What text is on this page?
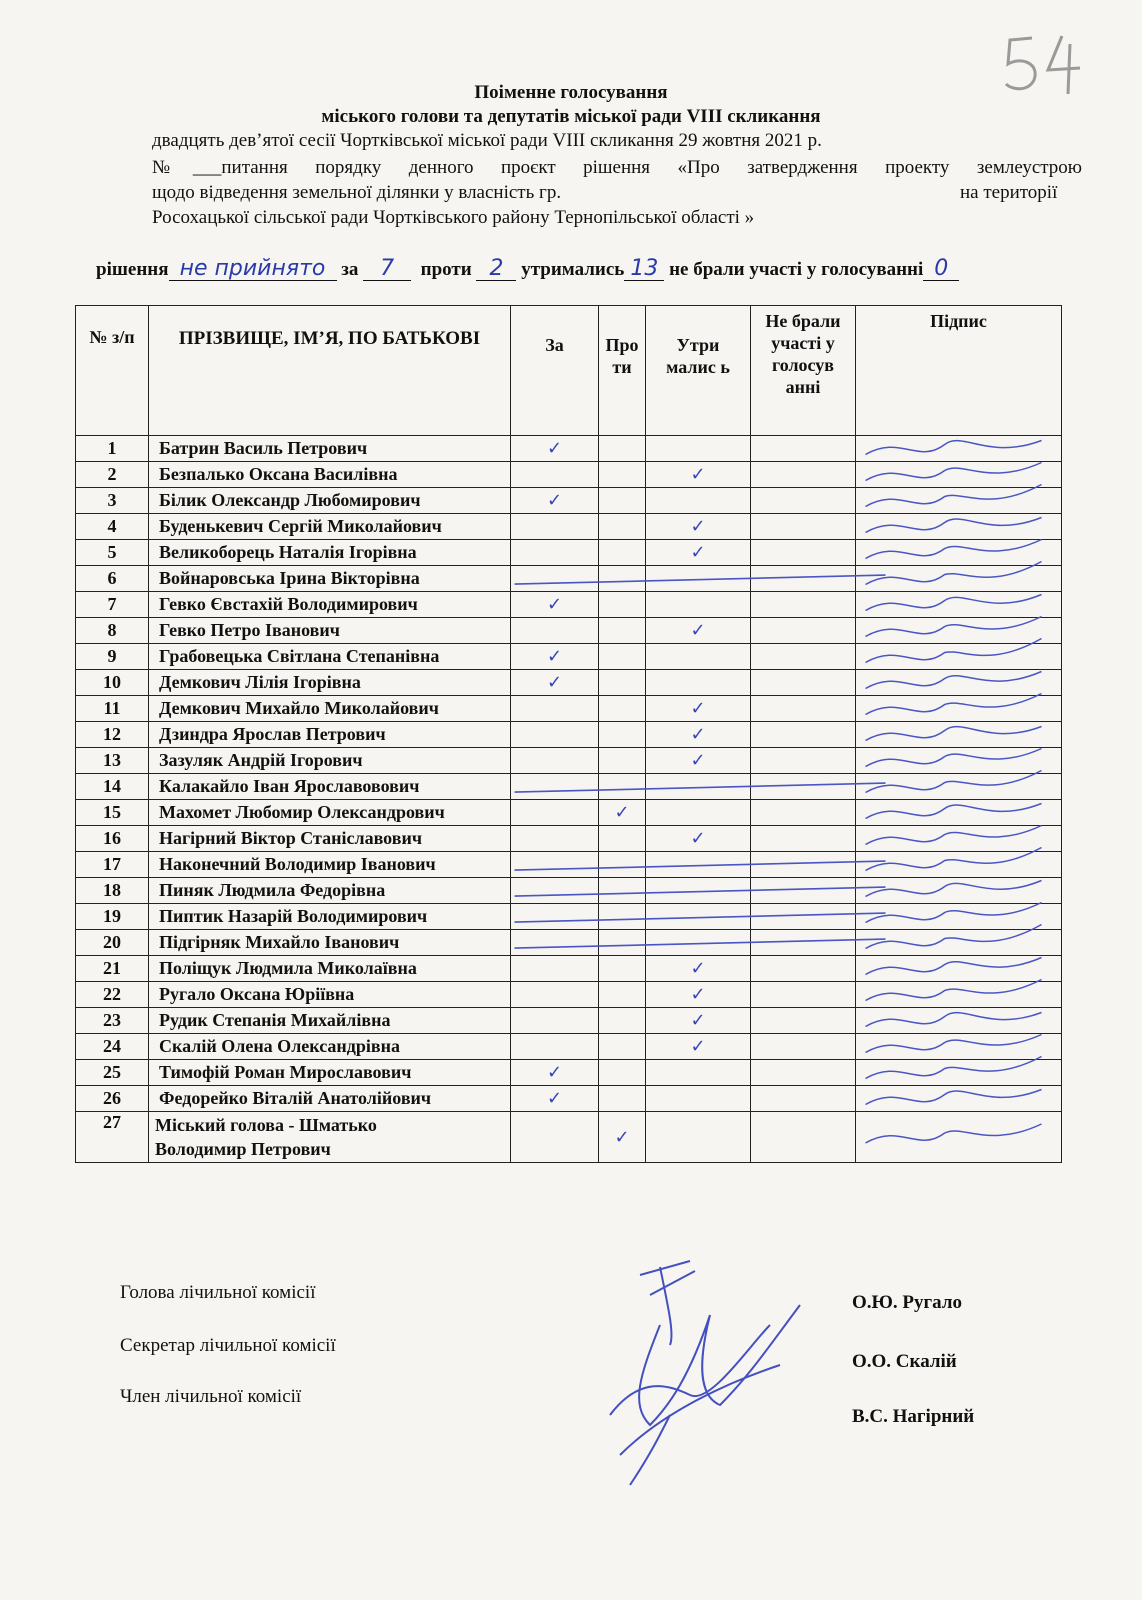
Поіменне голосування
міського голови та депутатів міської ради VIII скликання
двадцять дев’ятої сесії Чортківської міської ради VIII скликання 29 жовтня 2021 р.
№___питання порядку денного проєкт рішення «Про затвердження проекту землеустрою
щодо відведення земельної ділянки у власність гр.	на території
Росохацької сільської ради Чортківського району Тернопільської області »
рішення не прийнято за 7 проти 2 утримались 13 не брали участі у голосуванні 0
№ з/п	ПРІЗВИЩЕ, ІМ’Я, ПО БАТЬКОВІ	За	Про ти	Утри малис ь	Не брали участі у голосув анні	Підпис
1	Батрин Василь Петрович	✓				
2	Безпалько Оксана Василівна			✓		
3	Білик Олександр Любомирович	✓				
4	Буденькевич Сергій Миколайович			✓		
5	Великоборець Наталія Ігорівна			✓		
6	Войнаровська Ірина Вікторівна					
7	Гевко Євстахій Володимирович	✓				
8	Гевко Петро Іванович			✓		
9	Грабовецька Світлана Степанівна	✓				
10	Демкович Лілія Ігорівна	✓				
11	Демкович Михайло Миколайович			✓		
12	Дзиндра Ярослав Петрович			✓		
13	Зазуляк Андрій Ігорович			✓		
14	Калакайло Іван Ярославовович					
15	Махомет Любомир Олександрович		✓			
16	Нагірний Віктор Станіславович			✓		
17	Наконечний Володимир Іванович					
18	Пиняк Людмила Федорівна					
19	Пиптик Назарій Володимирович					
20	Підгірняк Михайло Іванович					
21	Поліщук Людмила Миколаївна			✓		
22	Ругало Оксана Юріївна			✓		
23	Рудик Степанія Михайлівна			✓		
24	Скалій Олена Олександрівна			✓		
25	Тимофій Роман Мирославович	✓				
26	Федорейко Віталій Анатолійович	✓				
27	Міський голова - Шматько
Володимир Петрович		✓			
Голова лічильної комісії	О.Ю. Ругало
Секретар лічильної комісії
О.О. Скалій
Член лічильної комісії
В.С. Нагірний
